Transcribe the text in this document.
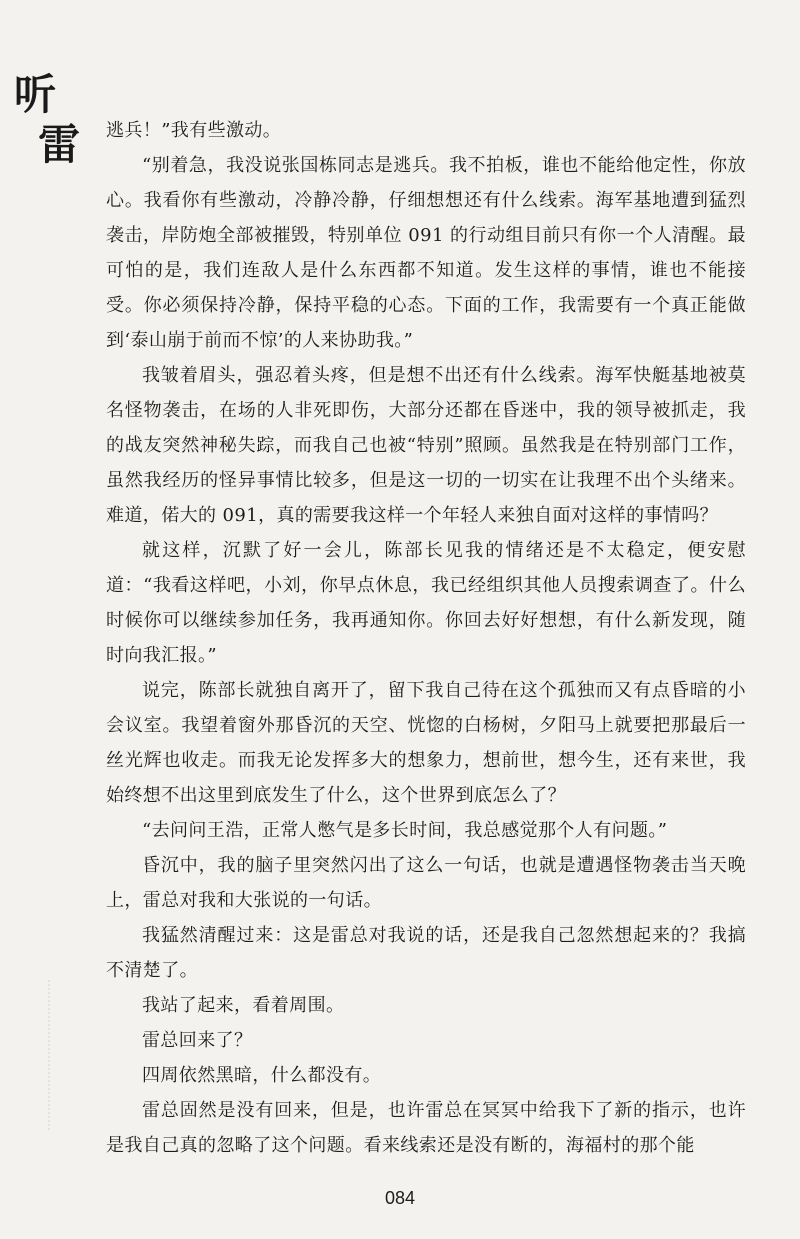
听
雷 逃兵！”我有些激动。

“别着急，我没说张国栋同志是逃兵。我不拍板，谁也不能给他定性，你放心。我看你有些激动，冷静冷静，仔细想想还有什么线索。海军基地遭到猛烈袭击，岸防炮全部被摧毁，特别单位 091 的行动组目前只有你一个人清醒。最可怕的是，我们连敌人是什么东西都不知道。发生这样的事情，谁也不能接受。你必须保持冷静，保持平稳的心态。下面的工作，我需要有一个真正能做到‘泰山崩于前而不惊’的人来协助我。”

我皱着眉头，强忍着头疼，但是想不出还有什么线索。海军快艇基地被莫名怪物袭击，在场的人非死即伤，大部分还都在昏迷中，我的领导被抓走，我的战友突然神秘失踪，而我自己也被“特别”照顾。虽然我是在特别部门工作，虽然我经历的怪异事情比较多，但是这一切的一切实在让我理不出个头绪来。难道，偌大的 091，真的需要我这样一个年轻人来独自面对这样的事情吗？

就这样，沉默了好一会儿，陈部长见我的情绪还是不太稳定，便安慰道：“我看这样吧，小刘，你早点休息，我已经组织其他人员搜索调查了。什么时候你可以继续参加任务，我再通知你。你回去好好想想，有什么新发现，随时向我汇报。”

说完，陈部长就独自离开了，留下我自己待在这个孤独而又有点昏暗的小会议室。我望着窗外那昏沉的天空、恍惚的白杨树，夕阳马上就要把那最后一丝光辉也收走。而我无论发挥多大的想象力，想前世，想今生，还有来世，我始终想不出这里到底发生了什么，这个世界到底怎么了？

“去问问王浩，正常人憋气是多长时间，我总感觉那个人有问题。”

昏沉中，我的脑子里突然闪出了这么一句话，也就是遭遇怪物袭击当天晚上，雷总对我和大张说的一句话。

我猛然清醒过来：这是雷总对我说的话，还是我自己忽然想起来的？我搞不清楚了。

我站了起来，看着周围。

雷总回来了？

四周依然黑暗，什么都没有。

雷总固然是没有回来，但是，也许雷总在冥冥中给我下了新的指示，也许是我自己真的忽略了这个问题。看来线索还是没有断的，海福村的那个能

084
